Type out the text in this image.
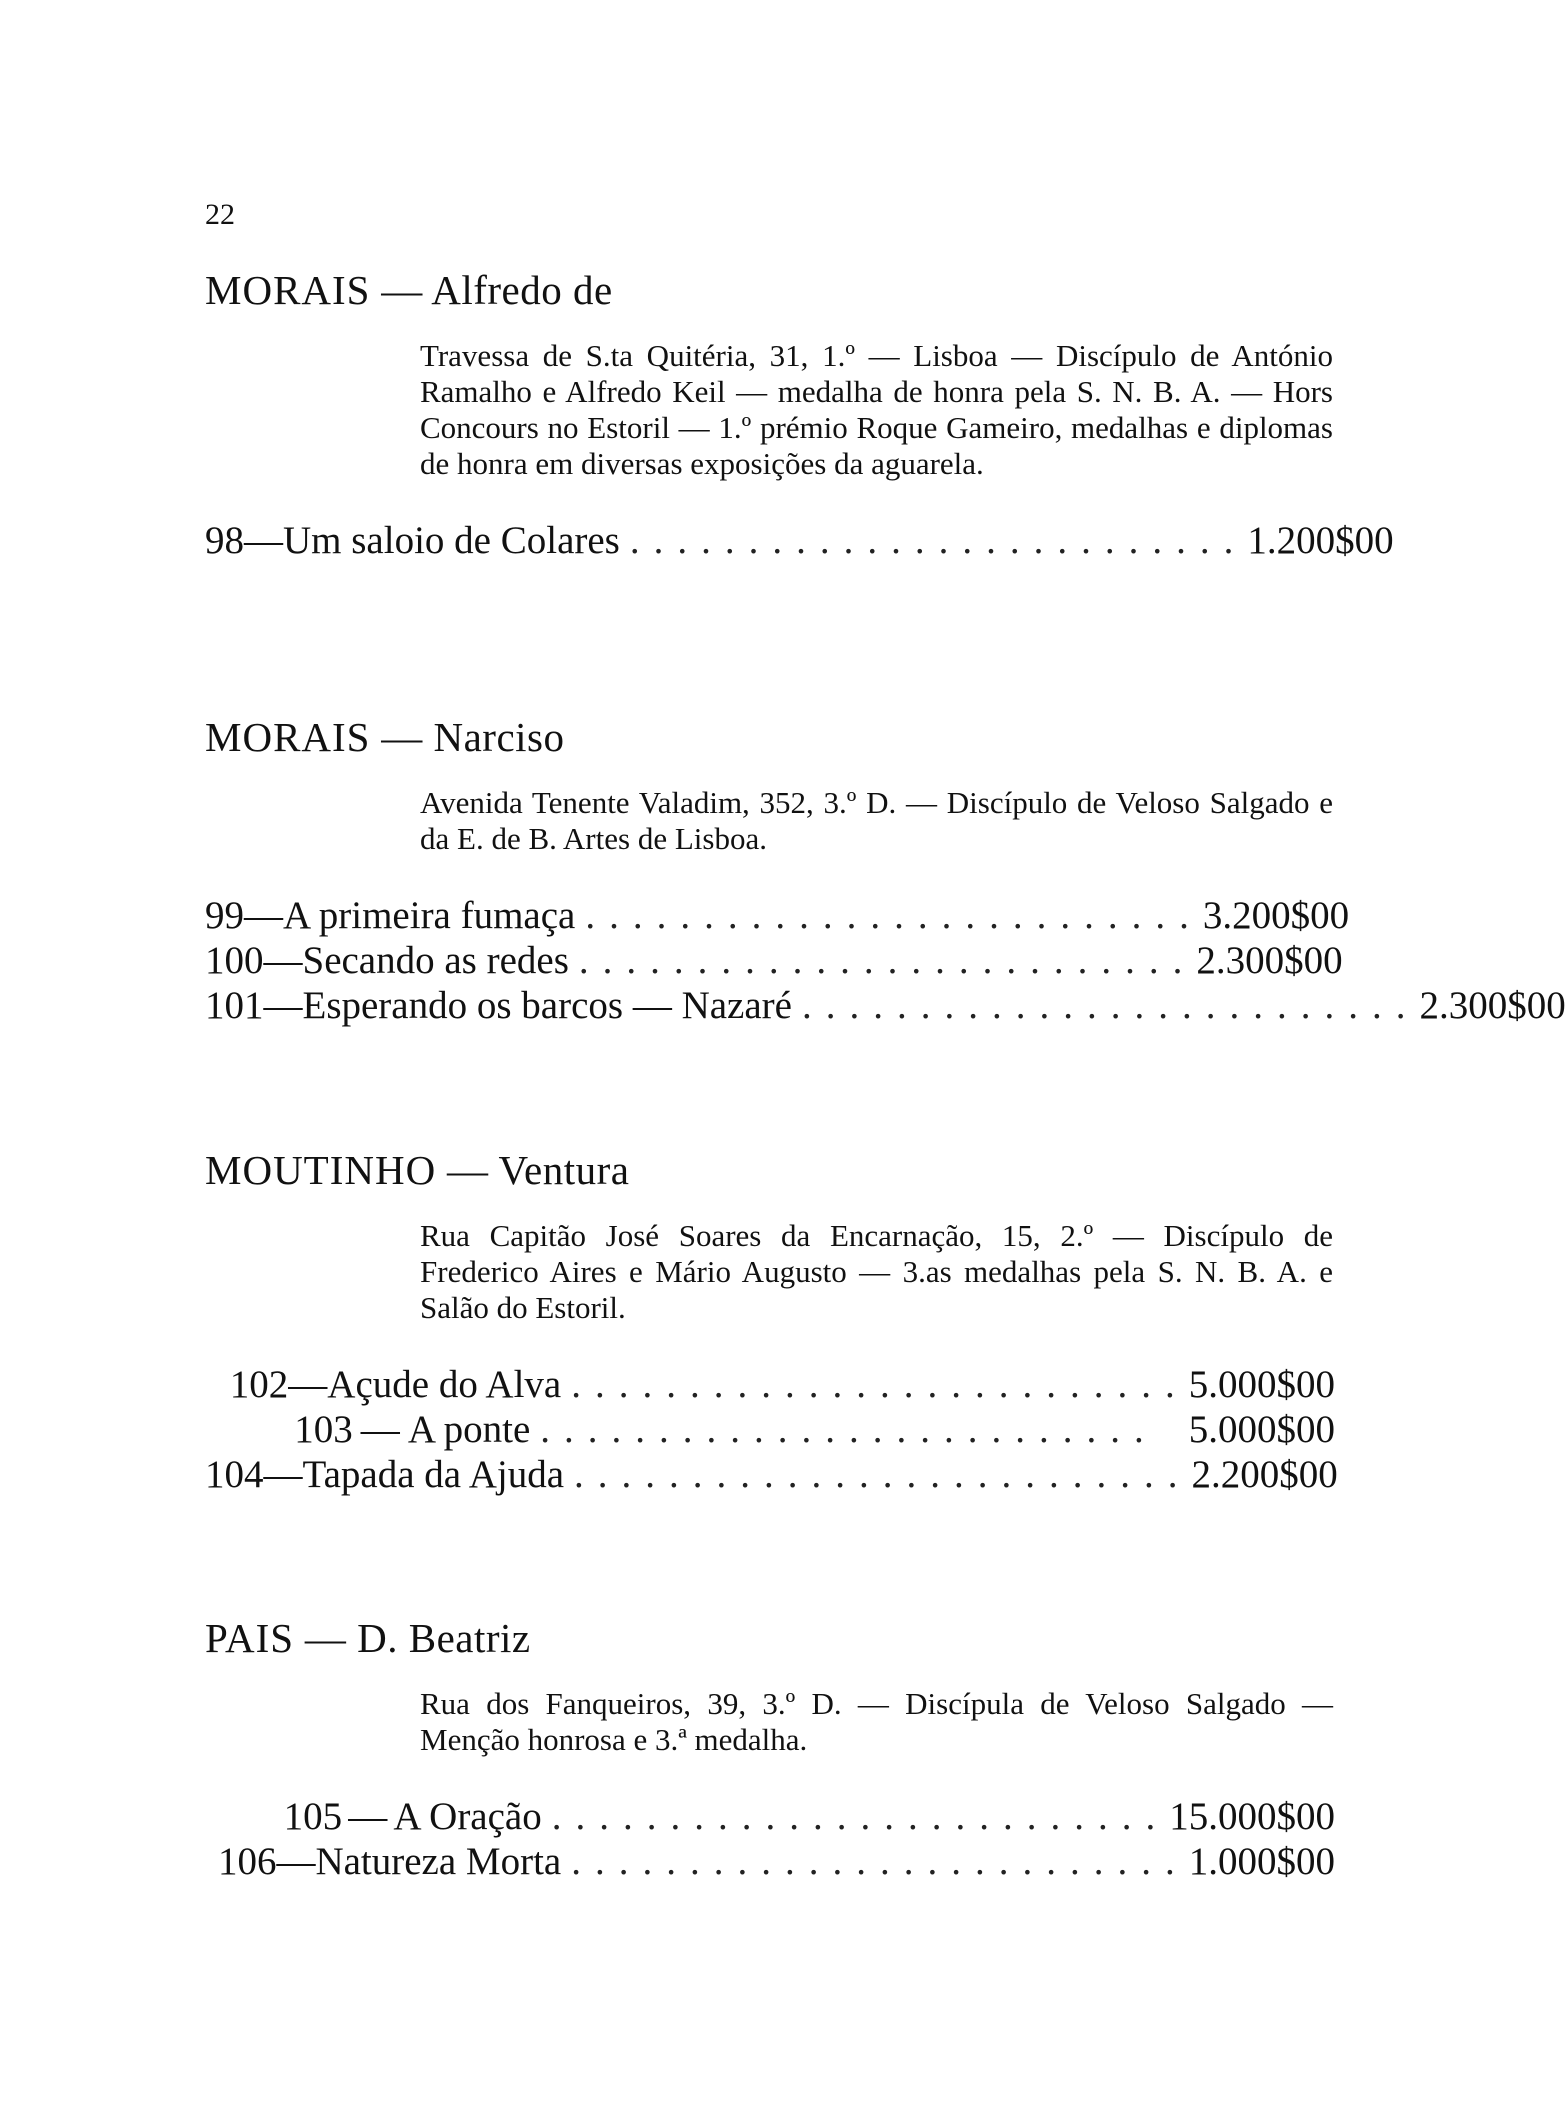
22
MORAIS — Alfredo de
Travessa de S.ta Quitéria, 31, 1.º — Lisboa — Discípulo de António Ramalho e Alfredo Keil — medalha de honra pela S. N. B. A. — Hors Concours no Estoril — 1.º prémio Roque Gameiro, medalhas e diplomas de honra em diversas exposições da aguarela.
98 — Um saloio de Colares .......................... 1.200$00
MORAIS — Narciso
Avenida Tenente Valadim, 352, 3.º D. — Discípulo de Veloso Salgado e da E. de B. Artes de Lisboa.
99 — A primeira fumaça .......................... 3.200$00
100 — Secando as redes .......................... 2.300$00
101 — Esperando os barcos — Nazaré .......................... 2.300$00
MOUTINHO — Ventura
Rua Capitão José Soares da Encarnação, 15, 2.º — Discípulo de Frederico Aires e Mário Augusto — 3.as medalhas pela S. N. B. A. e Salão do Estoril.
102 — Açude do Alva .......................... 5.000$00
103 — A ponte .......................... 5.000$00
104 — Tapada da Ajuda .......................... 2.200$00
PAIS — D. Beatriz
Rua dos Fanqueiros, 39, 3.º D. — Discípula de Veloso Salgado — Menção honrosa e 3.ª medalha.
105 — A Oração .......................... 15.000$00
106 — Natureza Morta .......................... 1.000$00
